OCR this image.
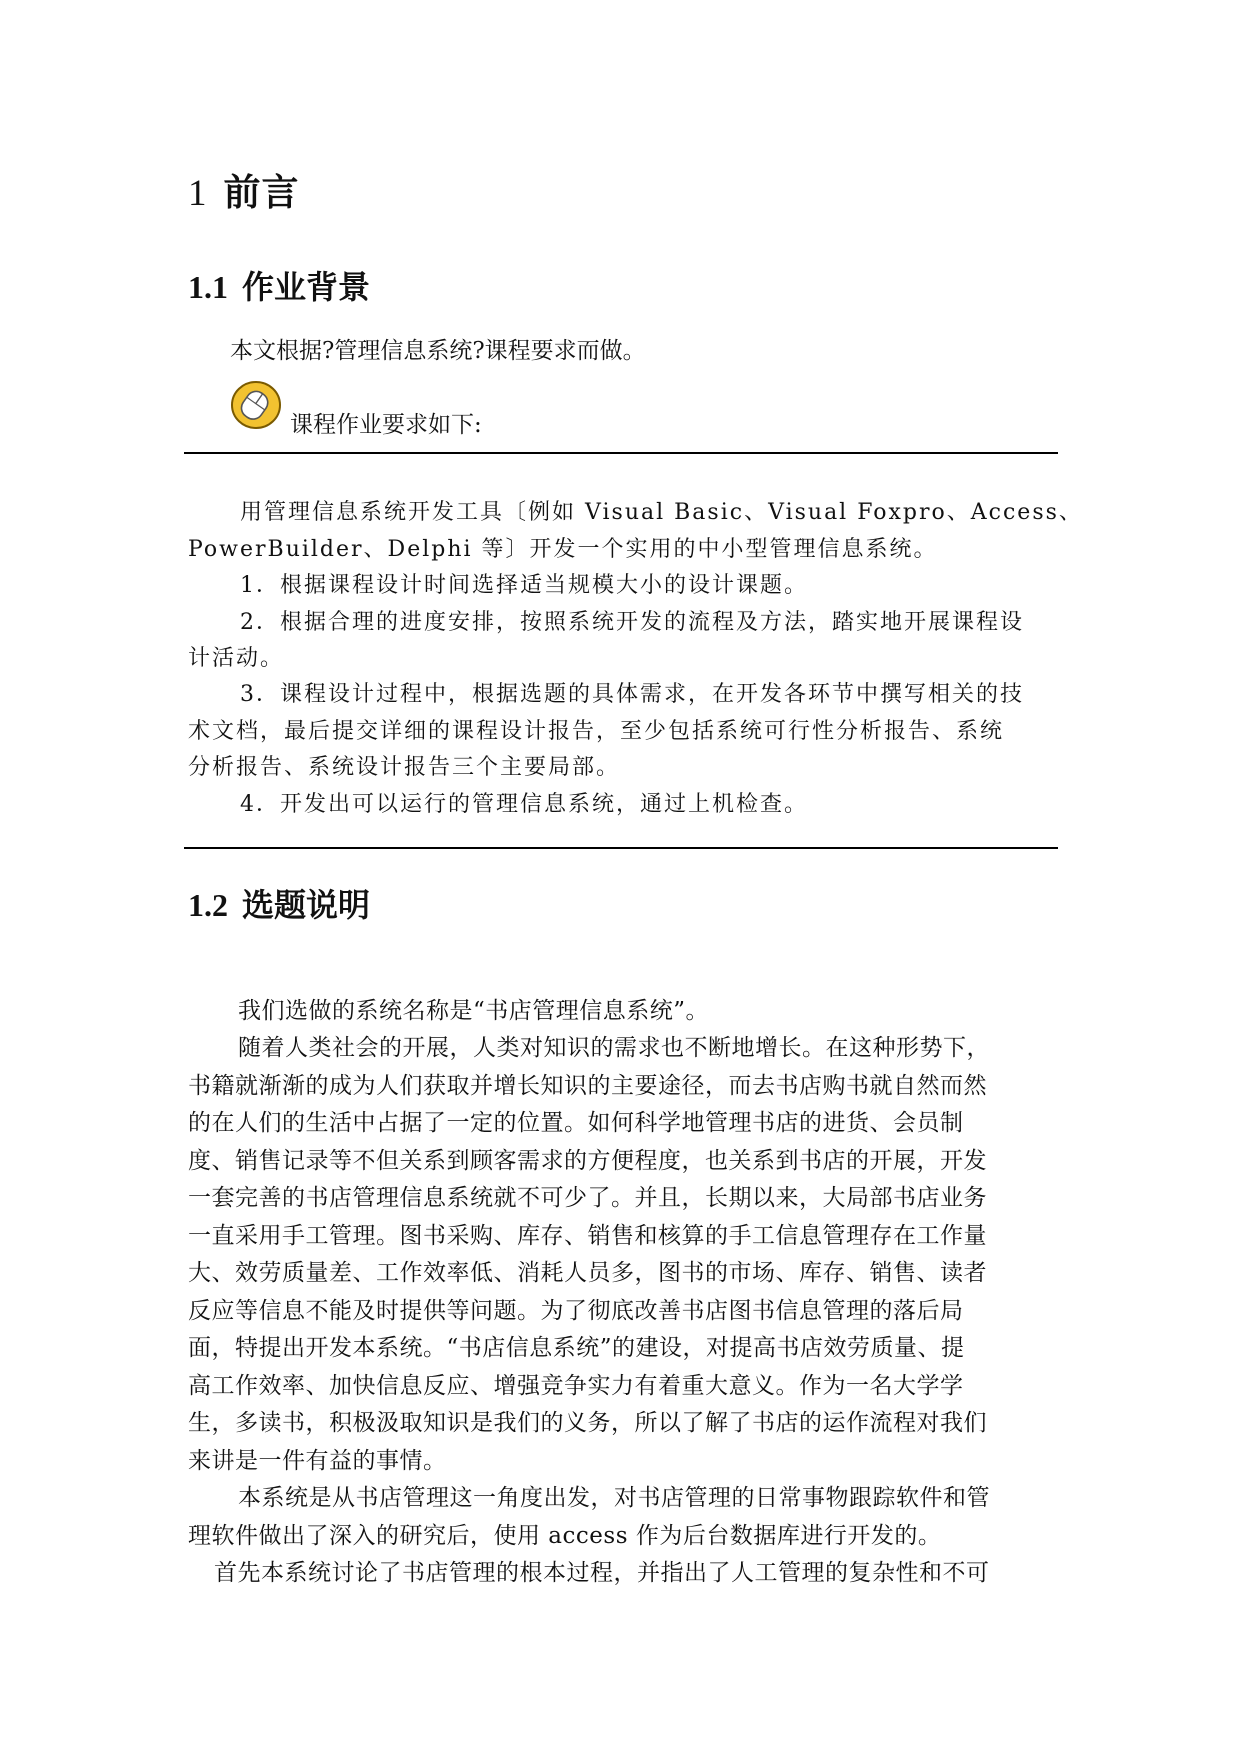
1 前言
1.1 作业背景
本文根据?管理信息系统?课程要求而做。
课程作业要求如下:
用管理信息系统开发工具〔例如 Visual Basic、Visual Foxpro、Access、
PowerBuilder、Delphi 等〕开发一个实用的中小型管理信息系统。
1．根据课程设计时间选择适当规模大小的设计课题。
2．根据合理的进度安排，按照系统开发的流程及方法，踏实地开展课程设
计活动。
3．课程设计过程中，根据选题的具体需求，在开发各环节中撰写相关的技
术文档，最后提交详细的课程设计报告，至少包括系统可行性分析报告、系统
分析报告、系统设计报告三个主要局部。
4．开发出可以运行的管理信息系统，通过上机检查。
1.2 选题说明
我们选做的系统名称是“书店管理信息系统”。
随着人类社会的开展，人类对知识的需求也不断地增长。在这种形势下，
书籍就渐渐的成为人们获取并增长知识的主要途径，而去书店购书就自然而然
的在人们的生活中占据了一定的位置。如何科学地管理书店的进货、会员制
度、销售记录等不但关系到顾客需求的方便程度，也关系到书店的开展，开发
一套完善的书店管理信息系统就不可少了。并且，长期以来，大局部书店业务
一直采用手工管理。图书采购、库存、销售和核算的手工信息管理存在工作量
大、效劳质量差、工作效率低、消耗人员多，图书的市场、库存、销售、读者
反应等信息不能及时提供等问题。为了彻底改善书店图书信息管理的落后局
面，特提出开发本系统。“书店信息系统”的建设，对提高书店效劳质量、提
高工作效率、加快信息反应、增强竞争实力有着重大意义。作为一名大学学
生，多读书，积极汲取知识是我们的义务，所以了解了书店的运作流程对我们
来讲是一件有益的事情。
本系统是从书店管理这一角度出发，对书店管理的日常事物跟踪软件和管
理软件做出了深入的研究后，使用 access 作为后台数据库进行开发的。
首先本系统讨论了书店管理的根本过程，并指出了人工管理的复杂性和不可
